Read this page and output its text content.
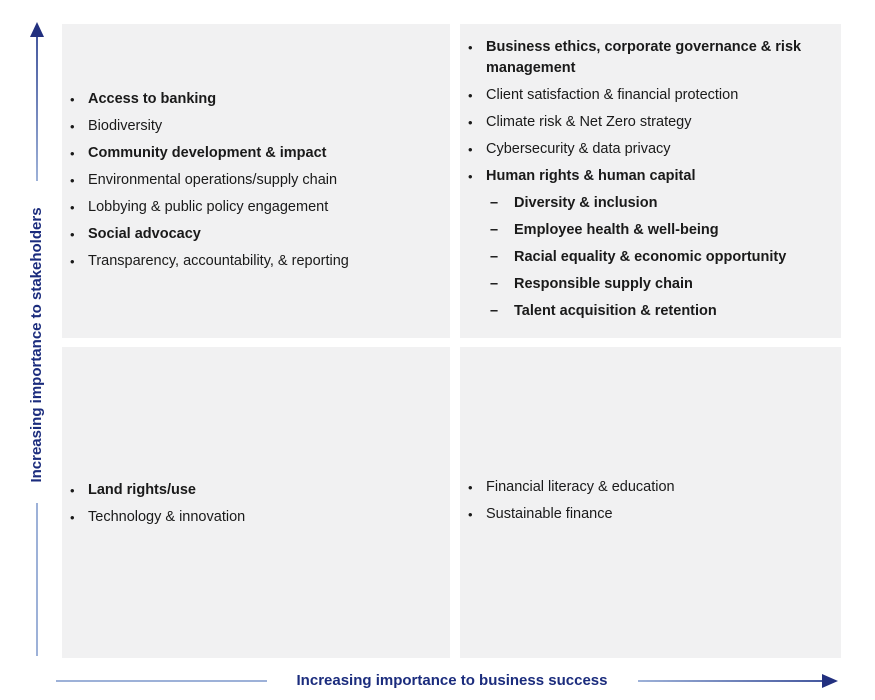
Increasing importance to stakeholders
• Access to banking
• Biodiversity
• Community development & impact
• Environmental operations/supply chain
• Lobbying & public policy engagement
• Social advocacy
• Transparency, accountability, & reporting
• Business ethics, corporate governance & risk management
• Client satisfaction & financial protection
• Climate risk & Net Zero strategy
• Cybersecurity & data privacy
• Human rights & human capital
–	Diversity & inclusion
–	Employee health & well-being
–	Racial equality & economic opportunity
–	Responsible supply chain
–	Talent acquisition & retention
• Land rights/use
• Technology & innovation
• Financial literacy & education
• Sustainable finance
Increasing importance to business success
